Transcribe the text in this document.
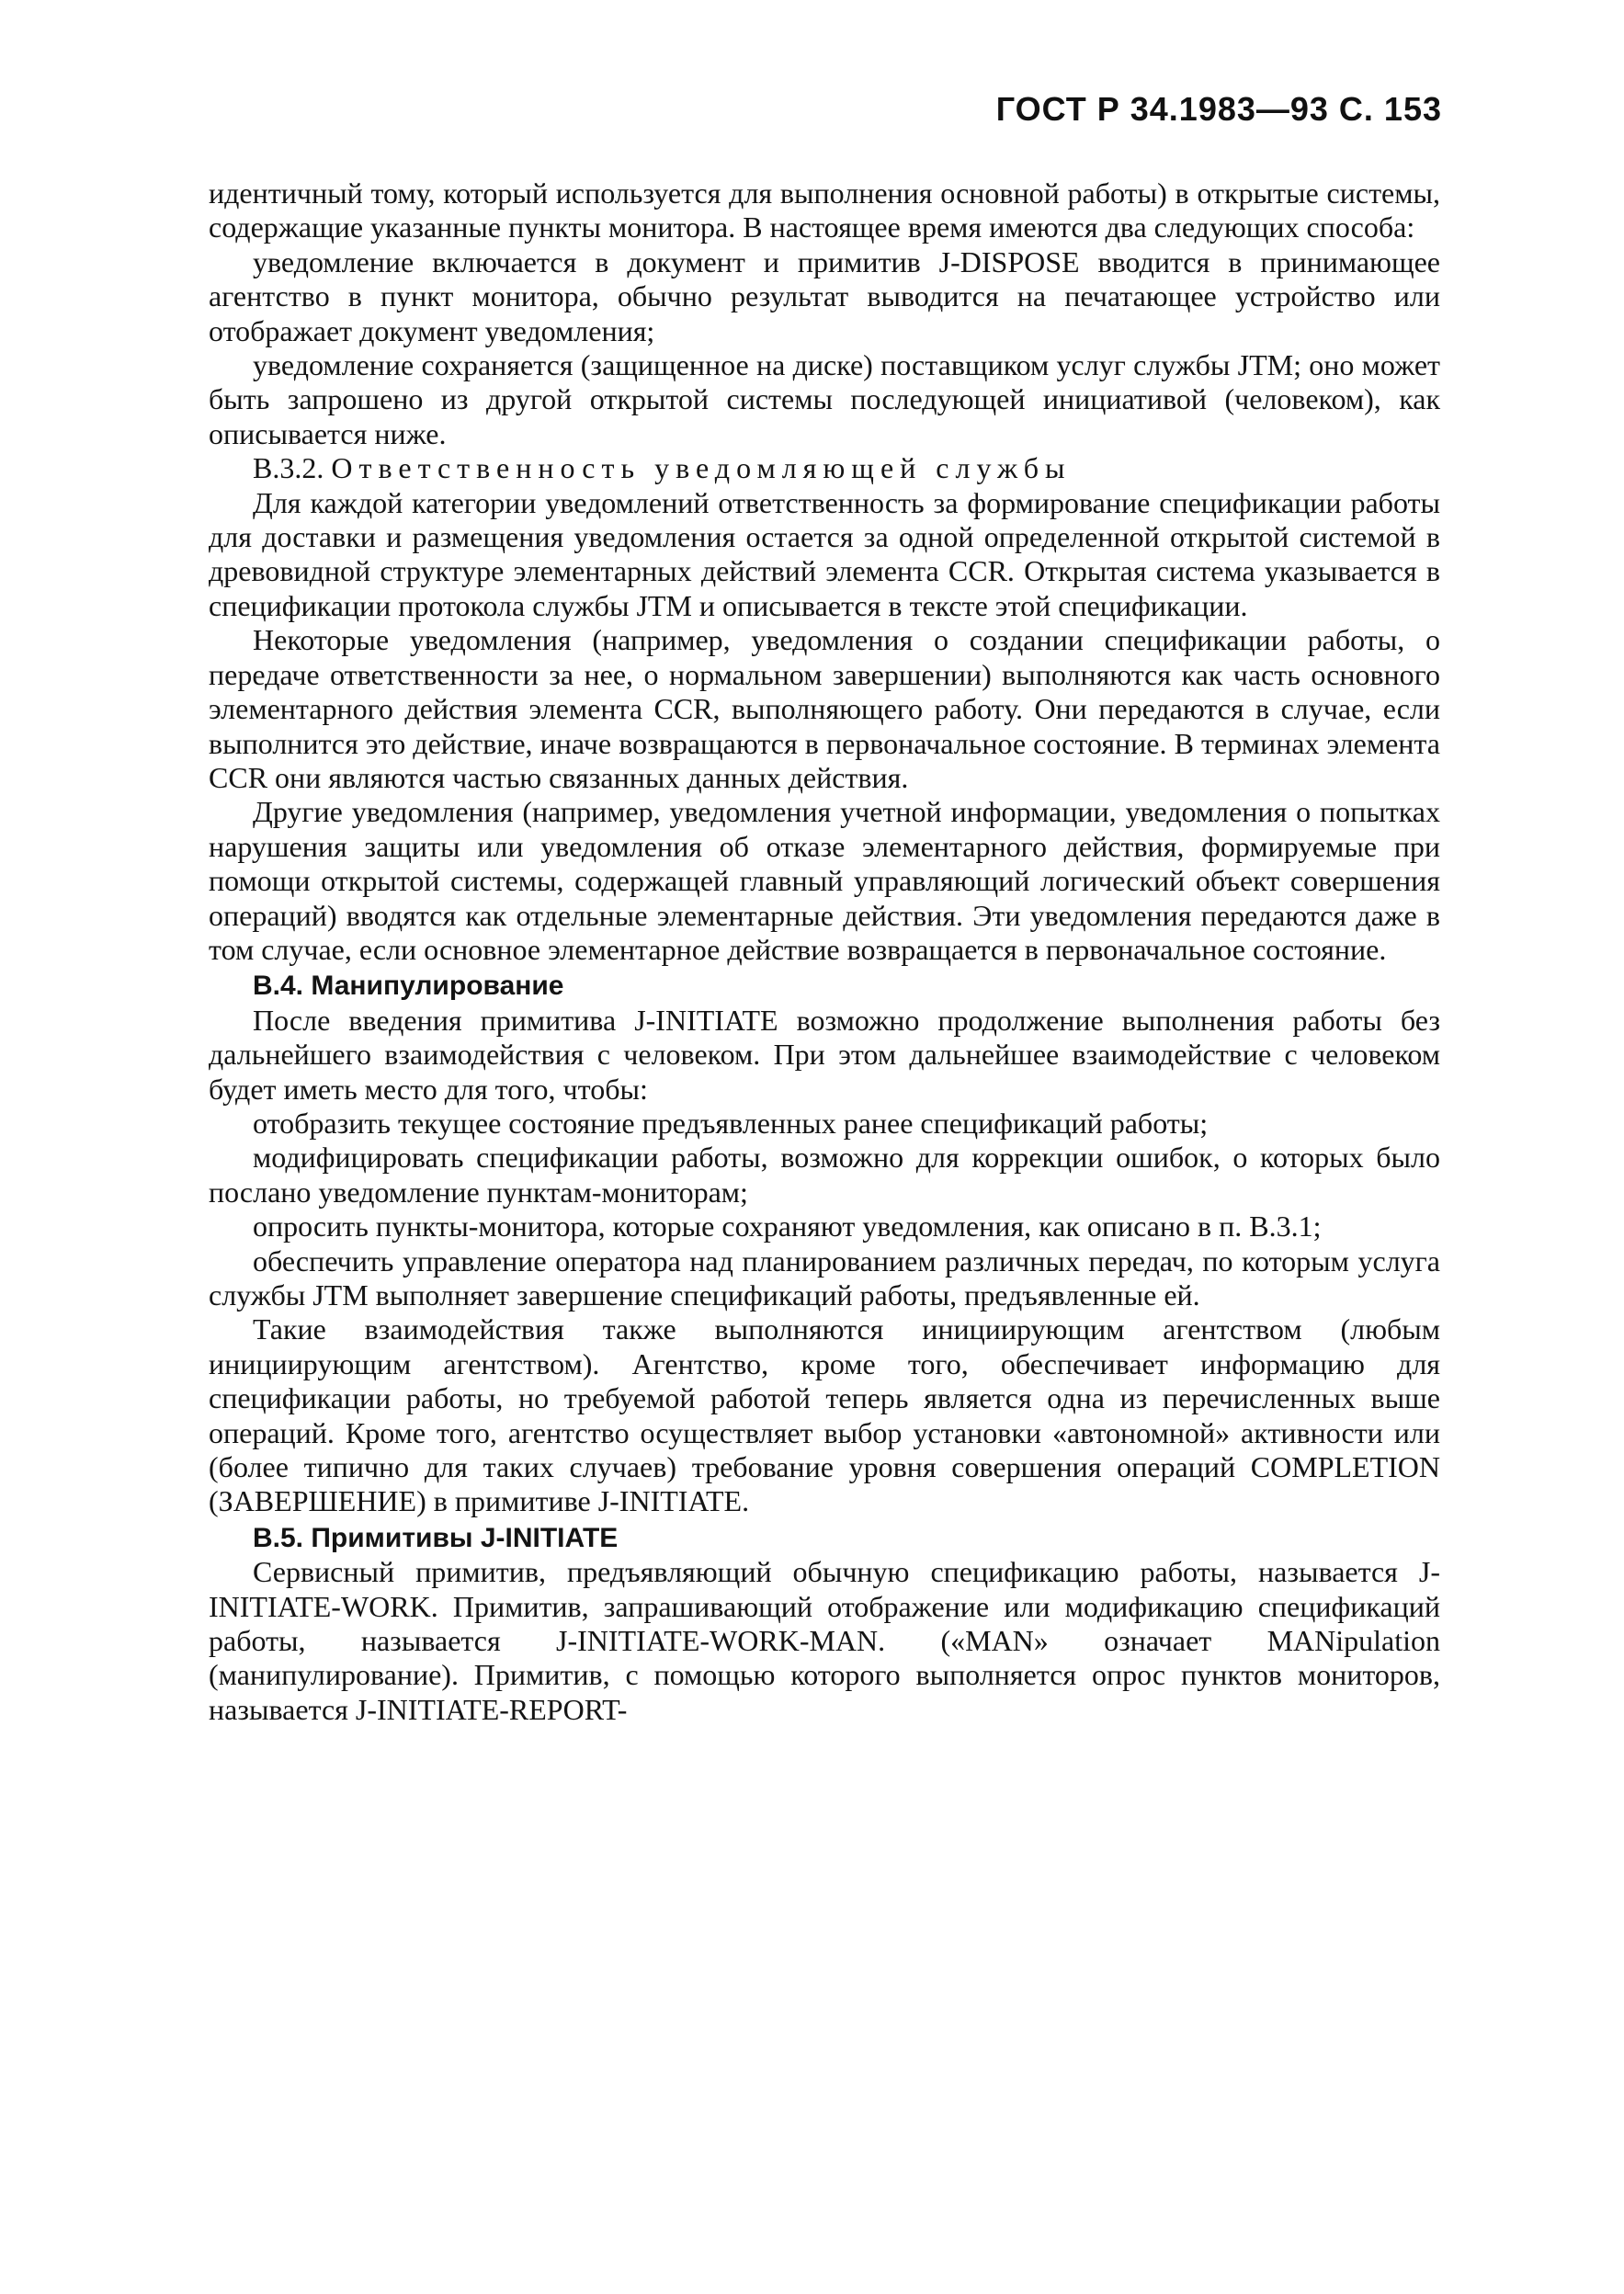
ГОСТ Р 34.1983—93 С. 153

идентичный тому, который используется для выполнения основной работы) в открытые системы, содержащие указанные пункты монитора. В настоящее время имеются два следующих способа:

уведомление включается в документ и примитив J-DISPOSE вводится в принимающее агентство в пункт монитора, обычно результат выводится на печатающее устройство или отображает документ уведомления;

уведомление сохраняется (защищенное на диске) поставщиком услуг службы JTM; оно может быть запрошено из другой открытой системы последующей инициативой (человеком), как описывается ниже.

В.3.2. Ответственность уведомляющей службы

Для каждой категории уведомлений ответственность за формирование спецификации работы для доставки и размещения уведомления остается за одной определенной открытой системой в древовидной структуре элементарных действий элемента CCR. Открытая система указывается в спецификации протокола службы JTM и описывается в тексте этой спецификации.

Некоторые уведомления (например, уведомления о создании спецификации работы, о передаче ответственности за нее, о нормальном завершении) выполняются как часть основного элементарного действия элемента CCR, выполняющего работу. Они передаются в случае, если выполнится это действие, иначе возвращаются в первоначальное состояние. В терминах элемента CCR они являются частью связанных данных действия.

Другие уведомления (например, уведомления учетной информации, уведомления о попытках нарушения защиты или уведомления об отказе элементарного действия, формируемые при помощи открытой системы, содержащей главный управляющий логический объект совершения операций) вводятся как отдельные элементарные действия. Эти уведомления передаются даже в том случае, если основное элементарное действие возвращается в первоначальное состояние.

В.4. Манипулирование

После введения примитива J-INITIATE возможно продолжение выполнения работы без дальнейшего взаимодействия с человеком. При этом дальнейшее взаимодействие с человеком будет иметь место для того, чтобы:

отобразить текущее состояние предъявленных ранее спецификаций работы;

модифицировать спецификации работы, возможно для коррекции ошибок, о которых было послано уведомление пунктам-мониторам;

опросить пункты-монитора, которые сохраняют уведомления, как описано в п. В.3.1;

обеспечить управление оператора над планированием различных передач, по которым услуга службы JTM выполняет завершение спецификаций работы, предъявленные ей.

Такие взаимодействия также выполняются инициирующим агентством (любым инициирующим агентством). Агентство, кроме того, обеспечивает информацию для спецификации работы, но требуемой работой теперь является одна из перечисленных выше операций. Кроме того, агентство осуществляет выбор установки «автономной» активности или (более типично для таких случаев) требование уровня совершения операций COMPLETION (ЗАВЕРШЕНИЕ) в примитиве J-INITIATE.

В.5. Примитивы J-INITIATE

Сервисный примитив, предъявляющий обычную спецификацию работы, называется J-INITIATE-WORK. Примитив, запрашивающий отображение или модификацию спецификаций работы, называется J-INITIATE-WORK-MAN. («MAN» означает MANipulation (манипулирование). Примитив, с помощью которого выполняется опрос пунктов мониторов, называется J-INITIATE-REPORT-
